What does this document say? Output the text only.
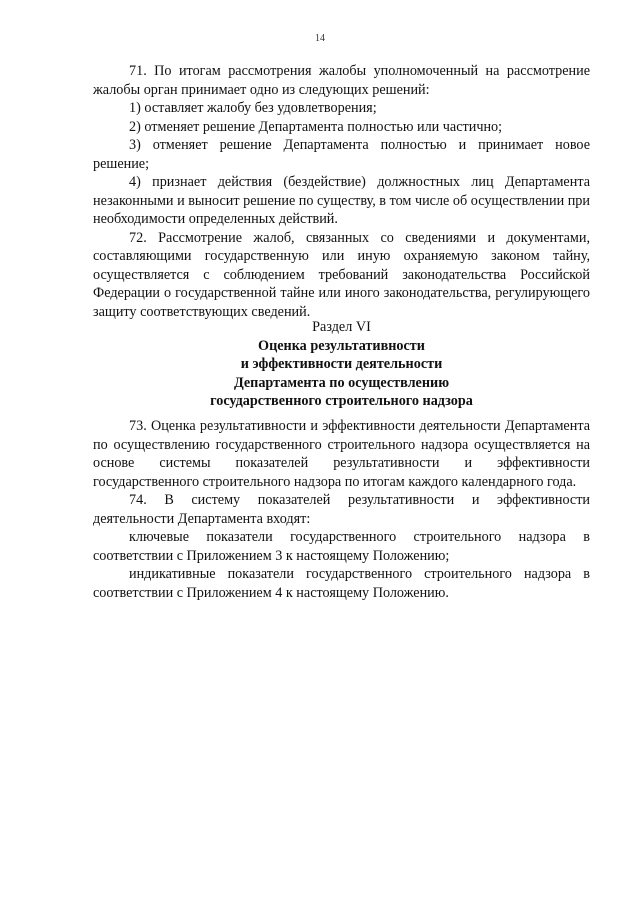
14

71. По итогам рассмотрения жалобы уполномоченный на рассмотрение жалобы орган принимает одно из следующих решений:

1) оставляет жалобу без удовлетворения;

2) отменяет решение Департамента полностью или частично;

3) отменяет решение Департамента полностью и принимает новое решение;

4) признает действия (бездействие) должностных лиц Департамента незаконными и выносит решение по существу, в том числе об осуществлении при необходимости определенных действий.

72. Рассмотрение жалоб, связанных со сведениями и документами, составляющими государственную или иную охраняемую законом тайну, осуществляется с соблюдением требований законодательства Российской Федерации о государственной тайне или иного законодательства, регулирующего защиту соответствующих сведений.

Раздел VI
Оценка результативности
и эффективности деятельности
Департамента по осуществлению
государственного строительного надзора

73. Оценка результативности и эффективности деятельности Департамента по осуществлению государственного строительного надзора осуществляется на основе системы показателей результативности и эффективности государственного строительного надзора по итогам каждого календарного года.

74. В систему показателей результативности и эффективности деятельности Департамента входят:

ключевые показатели государственного строительного надзора в соответствии с Приложением 3 к настоящему Положению;

индикативные показатели государственного строительного надзора в соответствии с Приложением 4 к настоящему Положению.
